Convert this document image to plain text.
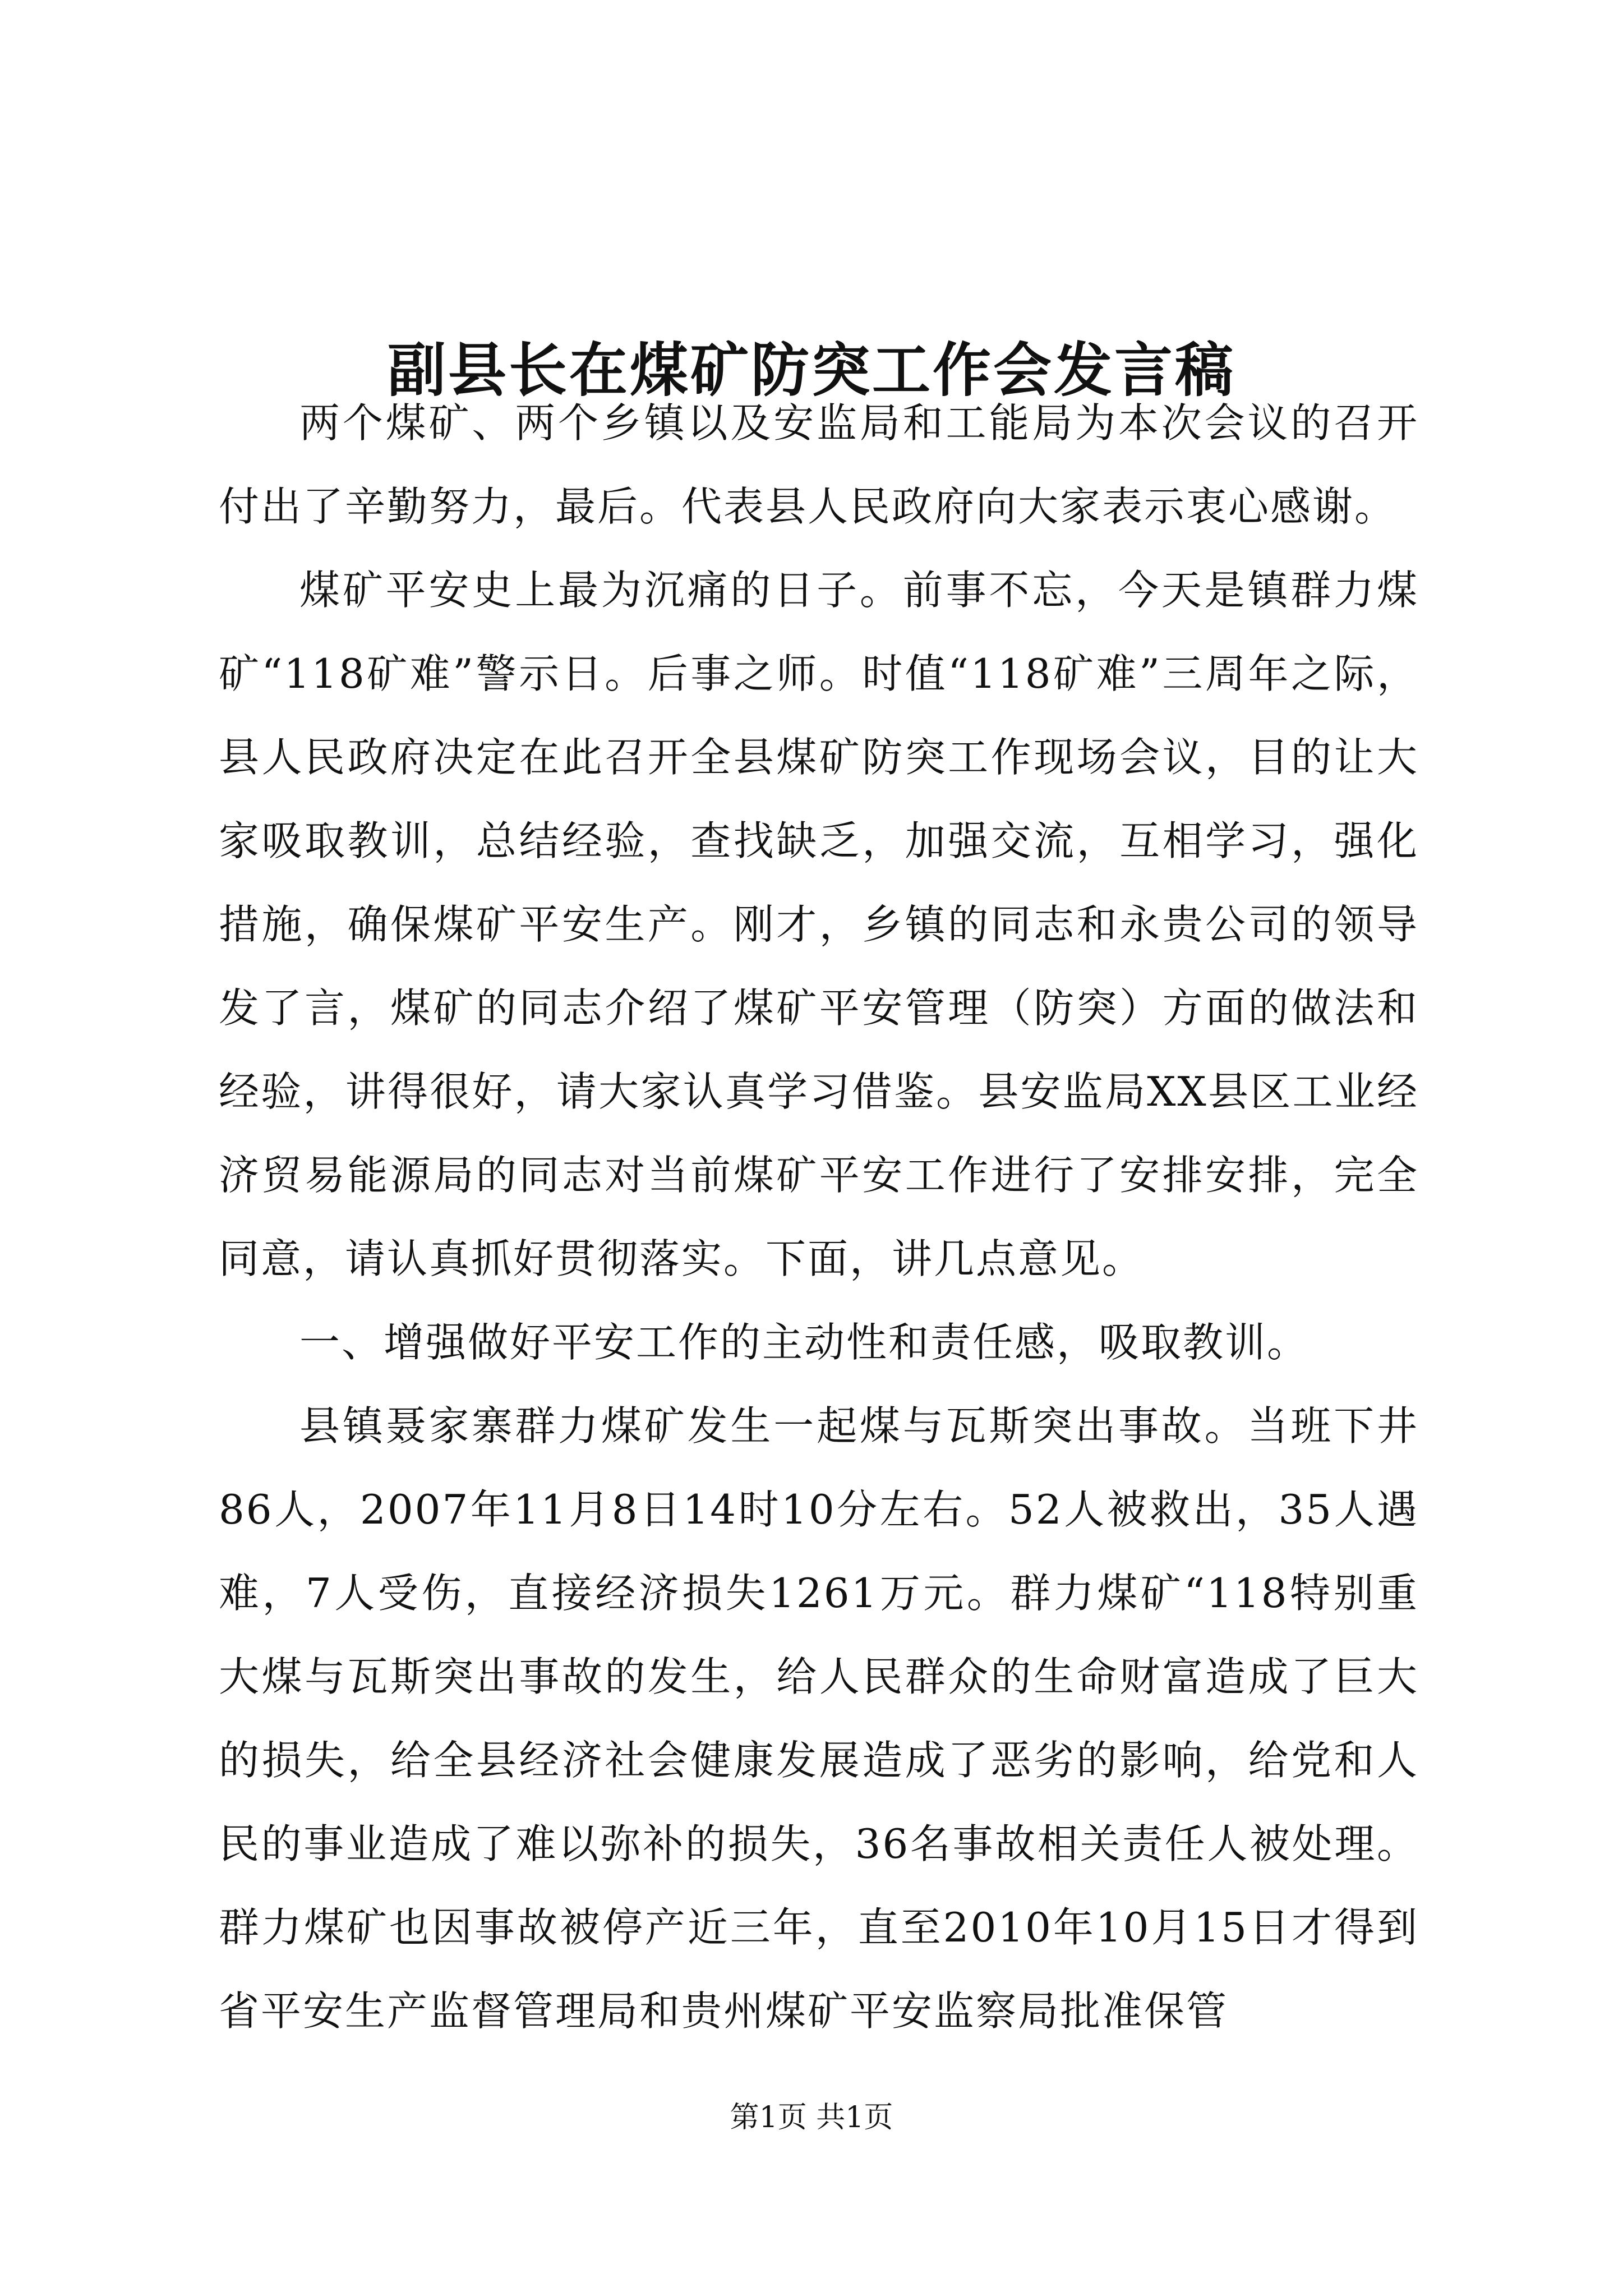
副县长在煤矿防突工作会发言稿

两个煤矿、两个乡镇以及安监局和工能局为本次会议的召开付出了辛勤努力，最后。代表县人民政府向大家表示衷心感谢。

煤矿平安史上最为沉痛的日子。前事不忘，今天是镇群力煤矿“118矿难”警示日。后事之师。时值“118矿难”三周年之际，县人民政府决定在此召开全县煤矿防突工作现场会议，目的让大家吸取教训，总结经验，查找缺乏，加强交流，互相学习，强化措施，确保煤矿平安生产。刚才，乡镇的同志和永贵公司的领导发了言，煤矿的同志介绍了煤矿平安管理（防突）方面的做法和经验，讲得很好，请大家认真学习借鉴。县安监局XX县区工业经济贸易能源局的同志对当前煤矿平安工作进行了安排安排，完全同意，请认真抓好贯彻落实。下面，讲几点意见。

一、增强做好平安工作的主动性和责任感，吸取教训。

县镇聂家寨群力煤矿发生一起煤与瓦斯突出事故。当班下井86人，2007年11月8日14时10分左右。52人被救出，35人遇难，7人受伤，直接经济损失1261万元。群力煤矿“118特别重大煤与瓦斯突出事故的发生，给人民群众的生命财富造成了巨大的损失，给全县经济社会健康发展造成了恶劣的影响，给党和人民的事业造成了难以弥补的损失，36名事故相关责任人被处理。群力煤矿也因事故被停产近三年，直至2010年10月15日才得到省平安生产监督管理局和贵州煤矿平安监察局批准保管

第1页 共1页
